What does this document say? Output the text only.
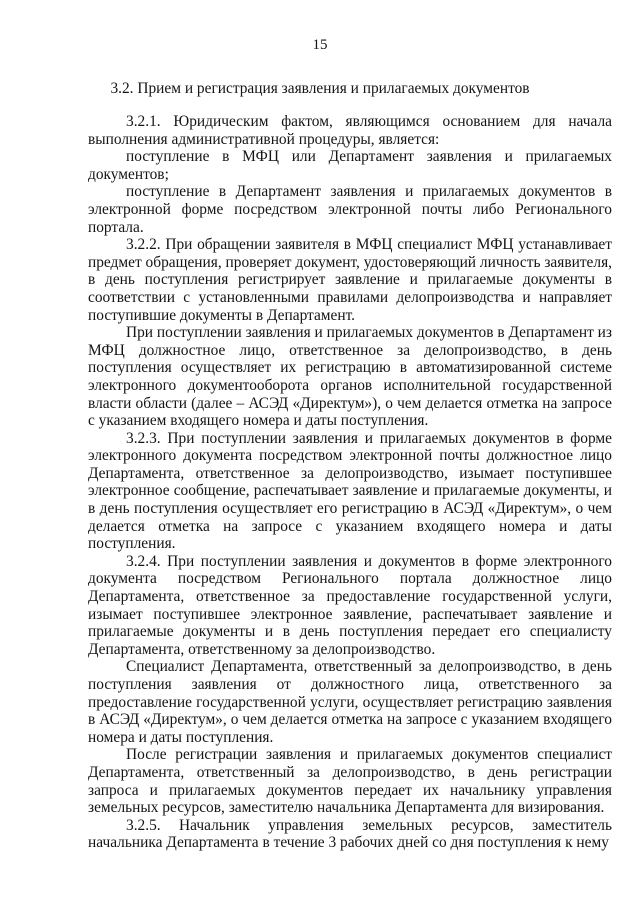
15
3.2. Прием и регистрация заявления и прилагаемых документов

3.2.1. Юридическим фактом, являющимся основанием для начала выполнения административной процедуры, является:

поступление в МФЦ или Департамент заявления и прилагаемых документов;

поступление в Департамент заявления и прилагаемых документов в электронной форме посредством электронной почты либо Регионального портала.

3.2.2. При обращении заявителя в МФЦ специалист МФЦ устанавливает предмет обращения, проверяет документ, удостоверяющий личность заявителя, в день поступления регистрирует заявление и прилагаемые документы в соответствии с установленными правилами делопроизводства и направляет поступившие документы в Департамент.

При поступлении заявления и прилагаемых документов в Департамент из МФЦ должностное лицо, ответственное за делопроизводство, в день поступления осуществляет их регистрацию в автоматизированной системе электронного документооборота органов исполнительной государственной власти области (далее – АСЭД «Директум»), о чем делается отметка на запросе с указанием входящего номера и даты поступления.

3.2.3. При поступлении заявления и прилагаемых документов в форме электронного документа посредством электронной почты должностное лицо Департамента, ответственное за делопроизводство, изымает поступившее электронное сообщение, распечатывает заявление и прилагаемые документы, и в день поступления осуществляет его регистрацию в АСЭД «Директум», о чем делается отметка на запросе с указанием входящего номера и даты поступления.

3.2.4. При поступлении заявления и документов в форме электронного документа посредством Регионального портала должностное лицо Департамента, ответственное за предоставление государственной услуги, изымает поступившее электронное заявление, распечатывает заявление и прилагаемые документы и в день поступления передает его специалисту Департамента, ответственному за делопроизводство.

Специалист Департамента, ответственный за делопроизводство, в день поступления заявления от должностного лица, ответственного за предоставление государственной услуги, осуществляет регистрацию заявления в АСЭД «Директум», о чем делается отметка на запросе с указанием входящего номера и даты поступления.

После регистрации заявления и прилагаемых документов специалист Департамента, ответственный за делопроизводство, в день регистрации запроса и прилагаемых документов передает их начальнику управления земельных ресурсов, заместителю начальника Департамента для визирования.

3.2.5. Начальник управления земельных ресурсов, заместитель начальника Департамента в течение 3 рабочих дней со дня поступления к нему
